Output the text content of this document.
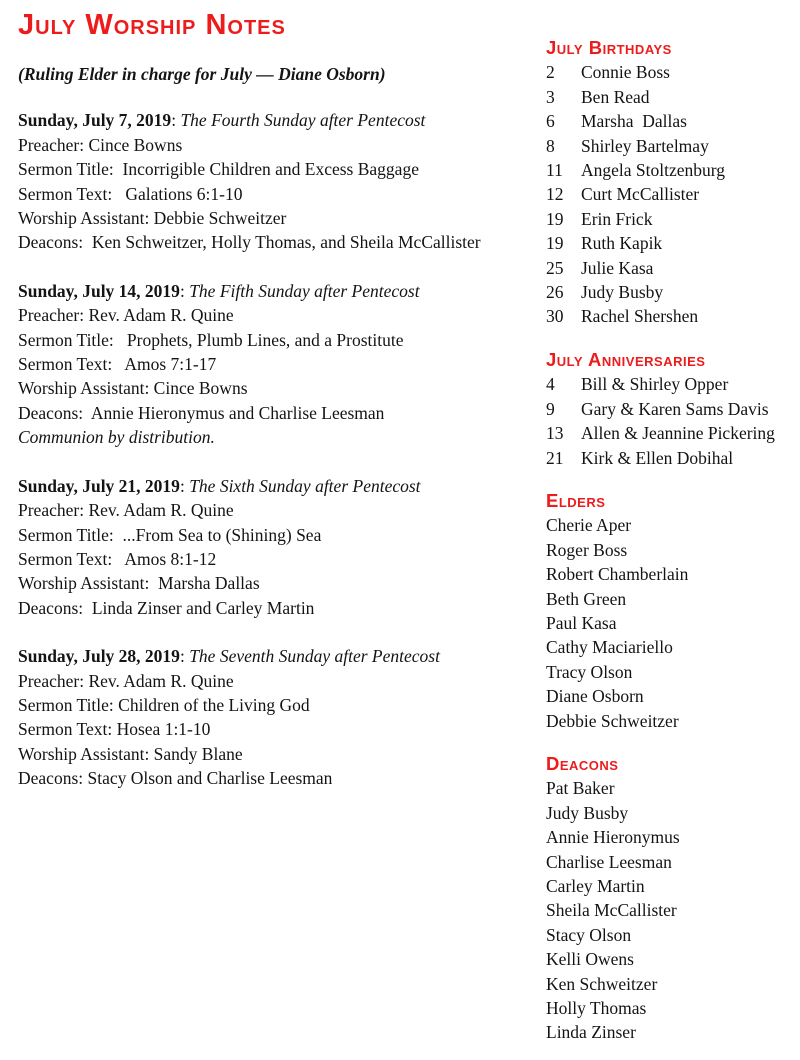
July Worship Notes

(Ruling Elder in charge for July — Diane Osborn)

Sunday, July 7, 2019: The Fourth Sunday after Pentecost
Preacher: Cince Bowns
Sermon Title:  Incorrigible Children and Excess Baggage
Sermon Text:   Galations 6:1-10
Worship Assistant: Debbie Schweitzer
Deacons:  Ken Schweitzer, Holly Thomas, and Sheila McCallister
Sunday, July 14, 2019: The Fifth Sunday after Pentecost
Preacher: Rev. Adam R. Quine
Sermon Title:   Prophets, Plumb Lines, and a Prostitute
Sermon Text:   Amos 7:1-17
Worship Assistant: Cince Bowns
Deacons:  Annie Hieronymus and Charlise Leesman
Communion by distribution.
Sunday, July 21, 2019: The Sixth Sunday after Pentecost
Preacher: Rev. Adam R. Quine
Sermon Title:  ...From Sea to (Shining) Sea
Sermon Text:   Amos 8:1-12
Worship Assistant:  Marsha Dallas
Deacons:  Linda Zinser and Carley Martin
Sunday, July 28, 2019: The Seventh Sunday after Pentecost
Preacher: Rev. Adam R. Quine
Sermon Title: Children of the Living God
Sermon Text: Hosea 1:1-10
Worship Assistant: Sandy Blane
Deacons: Stacy Olson and Charlise Leesman
July Birthdays
2 Connie Boss
3 Ben Read
6 Marsha  Dallas
8 Shirley Bartelmay
11 Angela Stoltzenburg
12 Curt McCallister
19 Erin Frick
19 Ruth Kapik
25 Julie Kasa
26 Judy Busby
30 Rachel Shershen
July Anniversaries
4 Bill & Shirley Opper
9 Gary & Karen Sams Davis
13 Allen & Jeannine Pickering
21 Kirk & Ellen Dobihal
Elders
Cherie Aper
Roger Boss
Robert Chamberlain
Beth Green
Paul Kasa
Cathy Maciariello
Tracy Olson
Diane Osborn
Debbie Schweitzer
Deacons
Pat Baker
Judy Busby
Annie Hieronymus
Charlise Leesman
Carley Martin
Sheila McCallister
Stacy Olson
Kelli Owens
Ken Schweitzer
Holly Thomas
Linda Zinser
